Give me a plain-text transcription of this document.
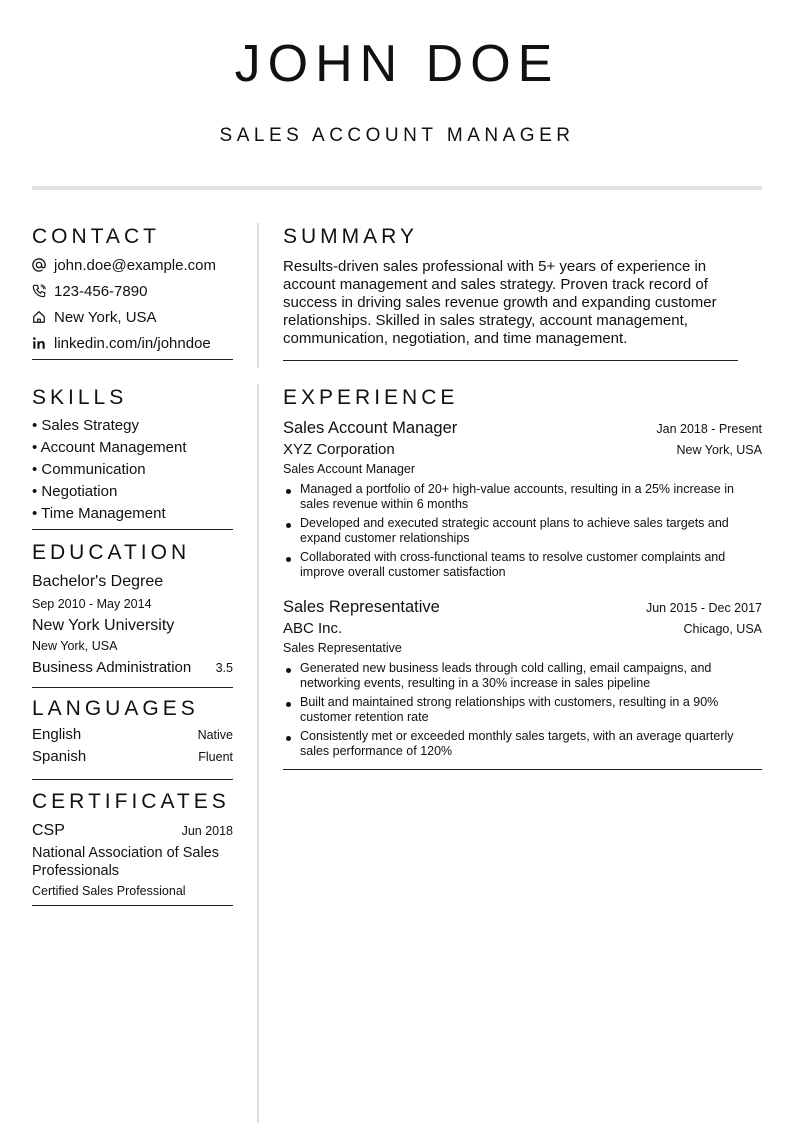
JOHN DOE
SALES ACCOUNT MANAGER
CONTACT
john.doe@example.com
123-456-7890
New York, USA
linkedin.com/in/johndoe
SKILLS
• Sales Strategy
• Account Management
• Communication
• Negotiation
• Time Management
EDUCATION
Bachelor's Degree
Sep 2010 - May 2014
New York University
New York, USA
Business Administration 3.5
LANGUAGES
English	Native
Spanish	Fluent
CERTIFICATES
CSP	Jun 2018
National Association of Sales Professionals
Certified Sales Professional
SUMMARY

Results-driven sales professional with 5+ years of experience in account management and sales strategy. Proven track record of success in driving sales revenue growth and expanding customer relationships. Skilled in sales strategy, account management, communication, negotiation, and time management.

EXPERIENCE
Sales Account Manager	Jan 2018 - Present
XYZ Corporation	New York, USA
Sales Account Manager
Managed a portfolio of 20+ high-value accounts, resulting in a 25% increase in sales revenue within 6 months
Developed and executed strategic account plans to achieve sales targets and expand customer relationships
Collaborated with cross-functional teams to resolve customer complaints and improve overall customer satisfaction
Sales Representative	Jun 2015 - Dec 2017
ABC Inc.	Chicago, USA
Sales Representative
Generated new business leads through cold calling, email campaigns, and networking events, resulting in a 30% increase in sales pipeline
Built and maintained strong relationships with customers, resulting in a 90% customer retention rate
Consistently met or exceeded monthly sales targets, with an average quarterly sales performance of 120%
